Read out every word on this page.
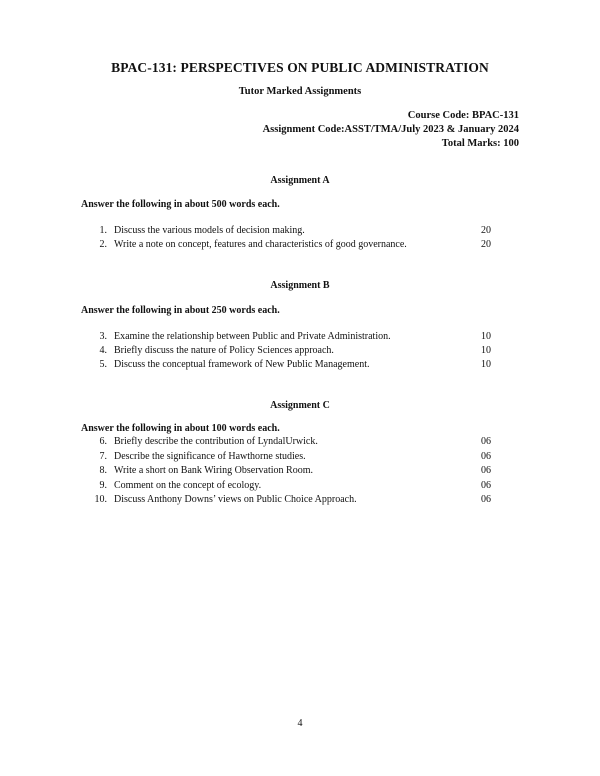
BPAC-131: PERSPECTIVES ON PUBLIC ADMINISTRATION
Tutor Marked Assignments
Course Code: BPAC-131
Assignment Code:ASST/TMA/July 2023 & January 2024
Total Marks: 100
Assignment A
Answer the following in about 500 words each.
1. Discuss the various models of decision making.	20
2. Write a note on concept, features and characteristics of good governance.	20
Assignment B
Answer the following in about 250 words each.
3. Examine the relationship between Public and Private Administration.	10
4. Briefly discuss the nature of Policy Sciences approach.	10
5. Discuss the conceptual framework of New Public Management.	10
Assignment C
Answer the following in about 100 words each.
6. Briefly describe the contribution of LyndalUrwick.	06
7. Describe the significance of Hawthorne studies.	06
8. Write a short on Bank Wiring Observation Room.	06
9. Comment on the concept of ecology.	06
10. Discuss Anthony Downs’ views on Public Choice Approach.	06
4
